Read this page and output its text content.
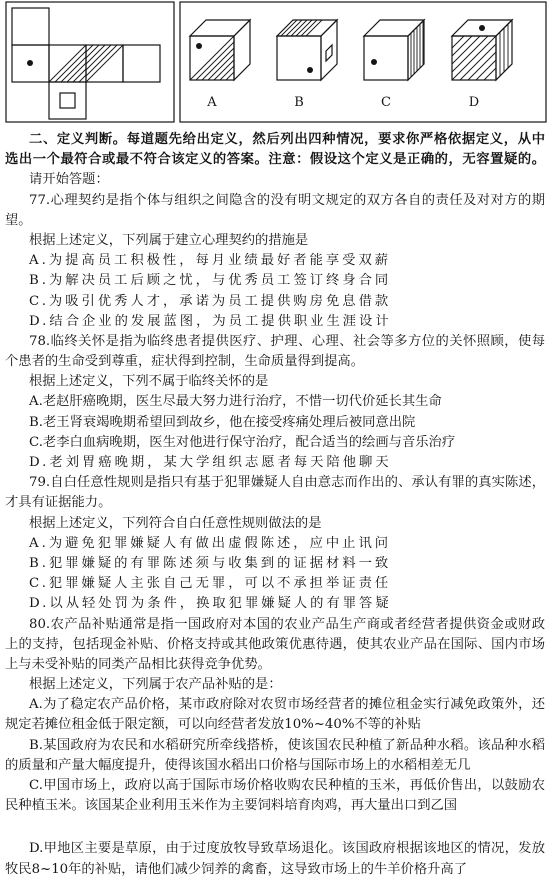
A	B	C	D
二、定义判断。每道题先给出定义，然后列出四种情况，要求你严格依据定义，从中
选出一个最符合或最不符合该定义的答案。注意：假设这个定义是正确的，无容置疑的。
请开始答题：
77.心理契约是指个体与组织之间隐含的没有明文规定的双方各自的责任及对对方的期
望。
根据上述定义，下列属于建立心理契约的措施是
A.为提高员工积极性，每月业绩最好者能享受双薪
B.为解决员工后顾之忧，与优秀员工签订终身合同
C.为吸引优秀人才，承诺为员工提供购房免息借款
D.结合企业的发展蓝图，为员工提供职业生涯设计
78.临终关怀是指为临终患者提供医疗、护理、心理、社会等多方位的关怀照顾，使每
个患者的生命受到尊重，症状得到控制，生命质量得到提高。
根据上述定义，下列不属于临终关怀的是
A.老赵肝癌晚期，医生尽最大努力进行治疗，不惜一切代价延长其生命
B.老王肾衰竭晚期希望回到故乡，他在接受疼痛处理后被同意出院
C.老李白血病晚期，医生对他进行保守治疗，配合适当的绘画与音乐治疗
D.老刘胃癌晚期，某大学组织志愿者每天陪他聊天
79.自白任意性规则是指只有基于犯罪嫌疑人自由意志而作出的、承认有罪的真实陈述，
才具有证据能力。
根据上述定义，下列符合自白任意性规则做法的是
A.为避免犯罪嫌疑人有做出虚假陈述，应中止讯问
B.犯罪嫌疑的有罪陈述须与收集到的证据材料一致
C.犯罪嫌疑人主张自己无罪，可以不承担举证责任
D.以从轻处罚为条件，换取犯罪嫌疑人的有罪答疑
80.农产品补贴通常是指一国政府对本国的农业产品生产商或者经营者提供资金或财政
上的支持，包括现金补贴、价格支持或其他政策优惠待遇，使其农业产品在国际、国内市场
上与未受补贴的同类产品相比获得竞争优势。
根据上述定义，下列属于农产品补贴的是：
A.为了稳定农产品价格，某市政府除对农贸市场经营者的摊位租金实行减免政策外，还
规定若摊位租金低于限定额，可以向经营者发放10%~40%不等的补贴
B.某国政府为农民和水稻研究所牵线搭桥，使该国农民种植了新品种水稻。该品种水稻
的质量和产量大幅度提升，使得该国水稻出口价格与国际市场上的水稻相差无几
C.甲国市场上，政府以高于国际市场价格收购农民种植的玉米，再低价售出，以鼓励农
民种植玉米。该国某企业利用玉米作为主要饲料培育肉鸡，再大量出口到乙国
D.甲地区主要是草原，由于过度放牧导致草场退化。该国政府根据该地区的情况，发放
牧民8~10年的补贴，请他们减少饲养的禽畜，这导致市场上的牛羊价格升高了
